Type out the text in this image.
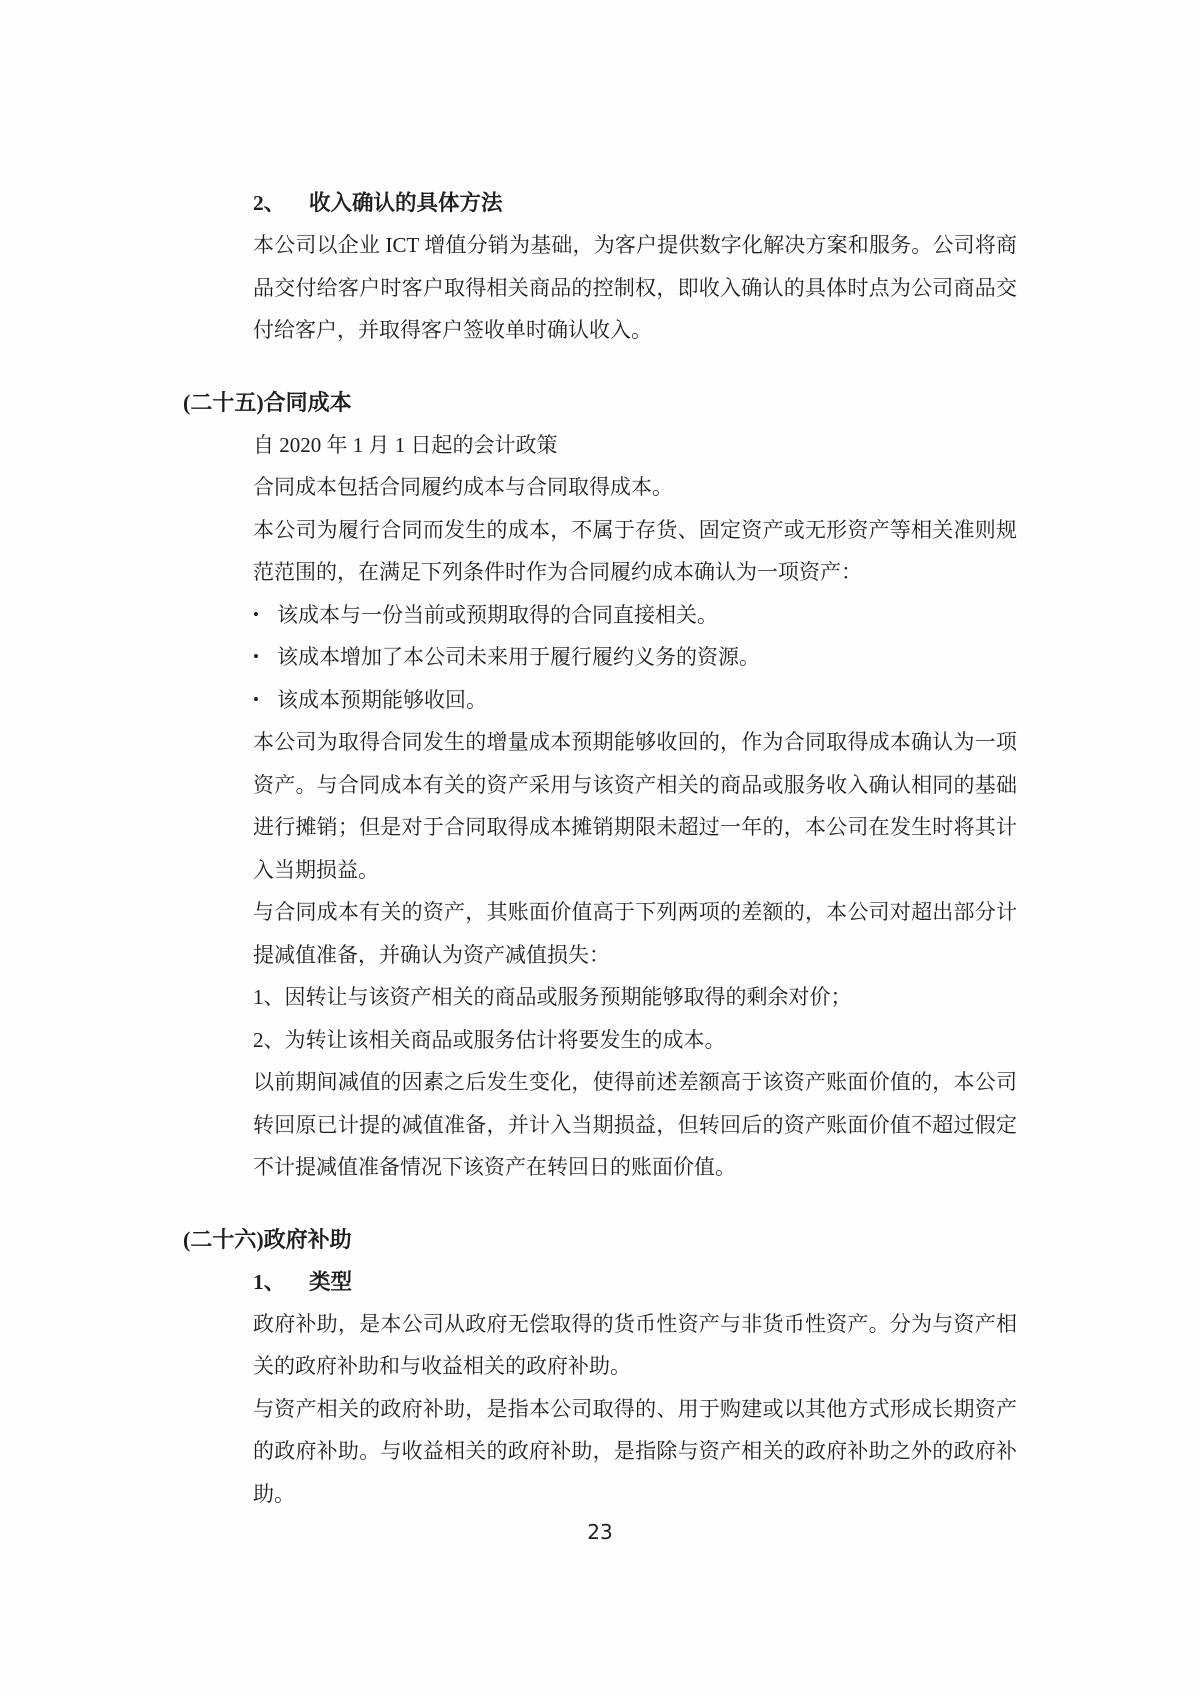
2、	收入确认的具体方法

本公司以企业 ICT 增值分销为基础，为客户提供数字化解决方案和服务。公司将商品交付给客户时客户取得相关商品的控制权，即收入确认的具体时点为公司商品交付给客户，并取得客户签收单时确认收入。

(二十五)合同成本

自 2020 年 1 月 1 日起的会计政策

合同成本包括合同履约成本与合同取得成本。

本公司为履行合同而发生的成本，不属于存货、固定资产或无形资产等相关准则规范范围的，在满足下列条件时作为合同履约成本确认为一项资产：

• 该成本与一份当前或预期取得的合同直接相关。
• 该成本增加了本公司未来用于履行履约义务的资源。
• 该成本预期能够收回。

本公司为取得合同发生的增量成本预期能够收回的，作为合同取得成本确认为一项资产。与合同成本有关的资产采用与该资产相关的商品或服务收入确认相同的基础进行摊销；但是对于合同取得成本摊销期限未超过一年的，本公司在发生时将其计入当期损益。

与合同成本有关的资产，其账面价值高于下列两项的差额的，本公司对超出部分计提减值准备，并确认为资产减值损失：

1、因转让与该资产相关的商品或服务预期能够取得的剩余对价；

2、为转让该相关商品或服务估计将要发生的成本。

以前期间减值的因素之后发生变化，使得前述差额高于该资产账面价值的，本公司转回原已计提的减值准备，并计入当期损益，但转回后的资产账面价值不超过假定不计提减值准备情况下该资产在转回日的账面价值。

(二十六)政府补助
1、	类型

政府补助，是本公司从政府无偿取得的货币性资产与非货币性资产。分为与资产相关的政府补助和与收益相关的政府补助。

与资产相关的政府补助，是指本公司取得的、用于购建或以其他方式形成长期资产的政府补助。与收益相关的政府补助，是指除与资产相关的政府补助之外的政府补助。

23
